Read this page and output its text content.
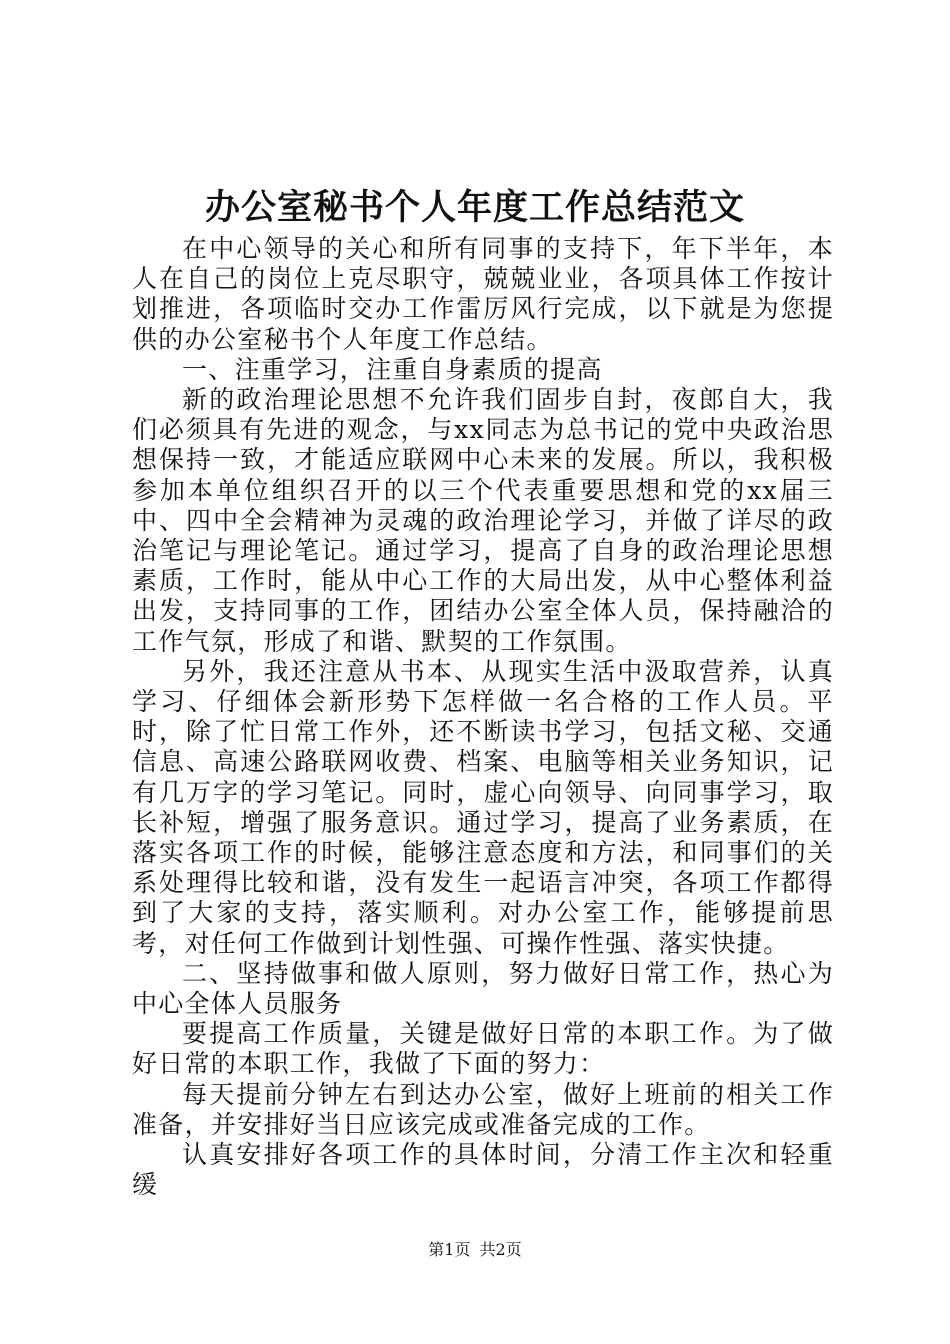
办公室秘书个人年度工作总结范文

在中心领导的关心和所有同事的支持下，年下半年，本人在自己的岗位上克尽职守，兢兢业业，各项具体工作按计划推进，各项临时交办工作雷厉风行完成，以下就是为您提供的办公室秘书个人年度工作总结。

一、注重学习，注重自身素质的提高

新的政治理论思想不允许我们固步自封，夜郎自大，我们必须具有先进的观念，与xx同志为总书记的党中央政治思想保持一致，才能适应联网中心未来的发展。所以，我积极参加本单位组织召开的以三个代表重要思想和党的xx届三中、四中全会精神为灵魂的政治理论学习，并做了详尽的政治笔记与理论笔记。通过学习，提高了自身的政治理论思想素质，工作时，能从中心工作的大局出发，从中心整体利益出发，支持同事的工作，团结办公室全体人员，保持融洽的工作气氛，形成了和谐、默契的工作氛围。

另外，我还注意从书本、从现实生活中汲取营养，认真学习、仔细体会新形势下怎样做一名合格的工作人员。平时，除了忙日常工作外，还不断读书学习，包括文秘、交通信息、高速公路联网收费、档案、电脑等相关业务知识，记有几万字的学习笔记。同时，虚心向领导、向同事学习，取长补短，增强了服务意识。通过学习，提高了业务素质，在落实各项工作的时候，能够注意态度和方法，和同事们的关系处理得比较和谐，没有发生一起语言冲突，各项工作都得到了大家的支持，落实顺利。对办公室工作，能够提前思考，对任何工作做到计划性强、可操作性强、落实快捷。

二、坚持做事和做人原则，努力做好日常工作，热心为中心全体人员服务

要提高工作质量，关键是做好日常的本职工作。为了做好日常的本职工作，我做了下面的努力：

每天提前分钟左右到达办公室，做好上班前的相关工作准备，并安排好当日应该完成或准备完成的工作。

认真安排好各项工作的具体时间，分清工作主次和轻重缓

第1页 共2页
